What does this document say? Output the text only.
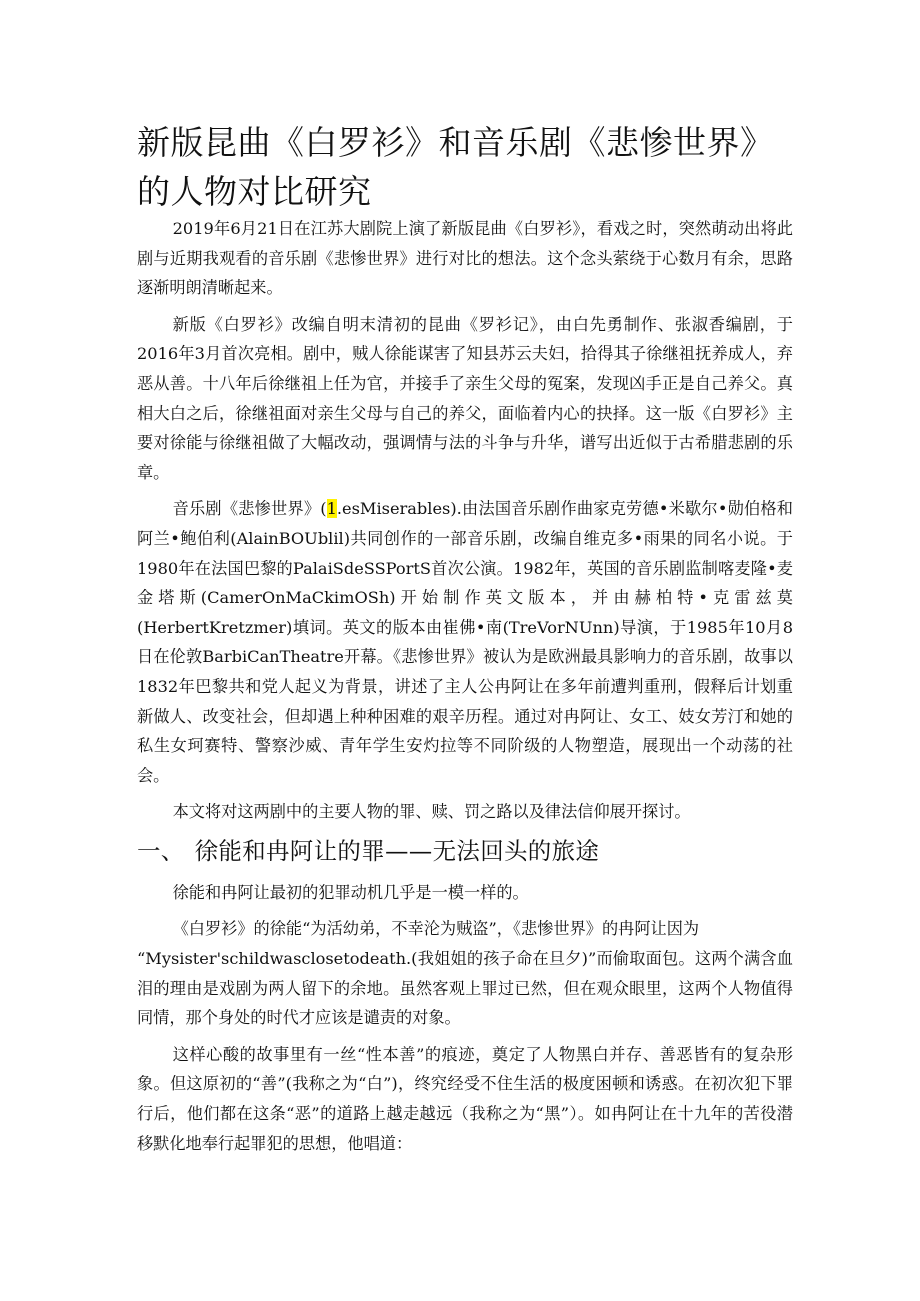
新版昆曲《白罗衫》和音乐剧《悲惨世界》的人物对比研究

2019年6月21日在江苏大剧院上演了新版昆曲《白罗衫》，看戏之时，突然萌动出将此剧与近期我观看的音乐剧《悲惨世界》进行对比的想法。这个念头萦绕于心数月有余，思路逐渐明朗清晰起来。

新版《白罗衫》改编自明末清初的昆曲《罗衫记》，由白先勇制作、张淑香编剧，于2016年3月首次亮相。剧中，贼人徐能谋害了知县苏云夫妇，拾得其子徐继祖抚养成人，弃恶从善。十八年后徐继祖上任为官，并接手了亲生父母的冤案，发现凶手正是自己养父。真相大白之后，徐继祖面对亲生父母与自己的养父，面临着内心的抉择。这一版《白罗衫》主要对徐能与徐继祖做了大幅改动，强调情与法的斗争与升华，谱写出近似于古希腊悲剧的乐章。

音乐剧《悲惨世界》(1.esMiserables).由法国音乐剧作曲家克劳德•米歇尔•勋伯格和阿兰•鲍伯利(AlainBOUblil)共同创作的一部音乐剧，改编自维克多•雨果的同名小说。于1980年在法国巴黎的PalaiSdeSSPortS首次公演。1982年，英国的音乐剧监制喀麦隆•麦金塔斯(CamerOnMaCkimOSh)开始制作英文版本，并由赫柏特•克雷兹莫(HerbertKretzmer)填词。英文的版本由崔佛•南(TreVorNUnn)导演，于1985年10月8日在伦敦BarbiCanTheatre开幕。《悲惨世界》被认为是欧洲最具影响力的音乐剧，故事以1832年巴黎共和党人起义为背景，讲述了主人公冉阿让在多年前遭判重刑，假释后计划重新做人、改变社会，但却遇上种种困难的艰辛历程。通过对冉阿让、女工、妓女芳汀和她的私生女珂赛特、警察沙威、青年学生安灼拉等不同阶级的人物塑造，展现出一个动荡的社会。

本文将对这两剧中的主要人物的罪、赎、罚之路以及律法信仰展开探讨。

一、 徐能和冉阿让的罪——无法回头的旅途

徐能和冉阿让最初的犯罪动机几乎是一模一样的。

《白罗衫》的徐能“为活幼弟，不幸沦为贼盗”，《悲惨世界》的冉阿让因为

“Mysister'schildwasclosetodeath.(我姐姐的孩子命在旦夕)”而偷取面包。这两个满含血泪的理由是戏剧为两人留下的余地。虽然客观上罪过已然，但在观众眼里，这两个人物值得同情，那个身处的时代才应该是谴责的对象。

这样心酸的故事里有一丝“性本善”的痕迹，奠定了人物黑白并存、善恶皆有的复杂形象。但这原初的“善”(我称之为“白”)，终究经受不住生活的极度困顿和诱惑。在初次犯下罪行后，他们都在这条“恶”的道路上越走越远（我称之为“黑”）。如冉阿让在十九年的苦役潜移默化地奉行起罪犯的思想，他唱道：
